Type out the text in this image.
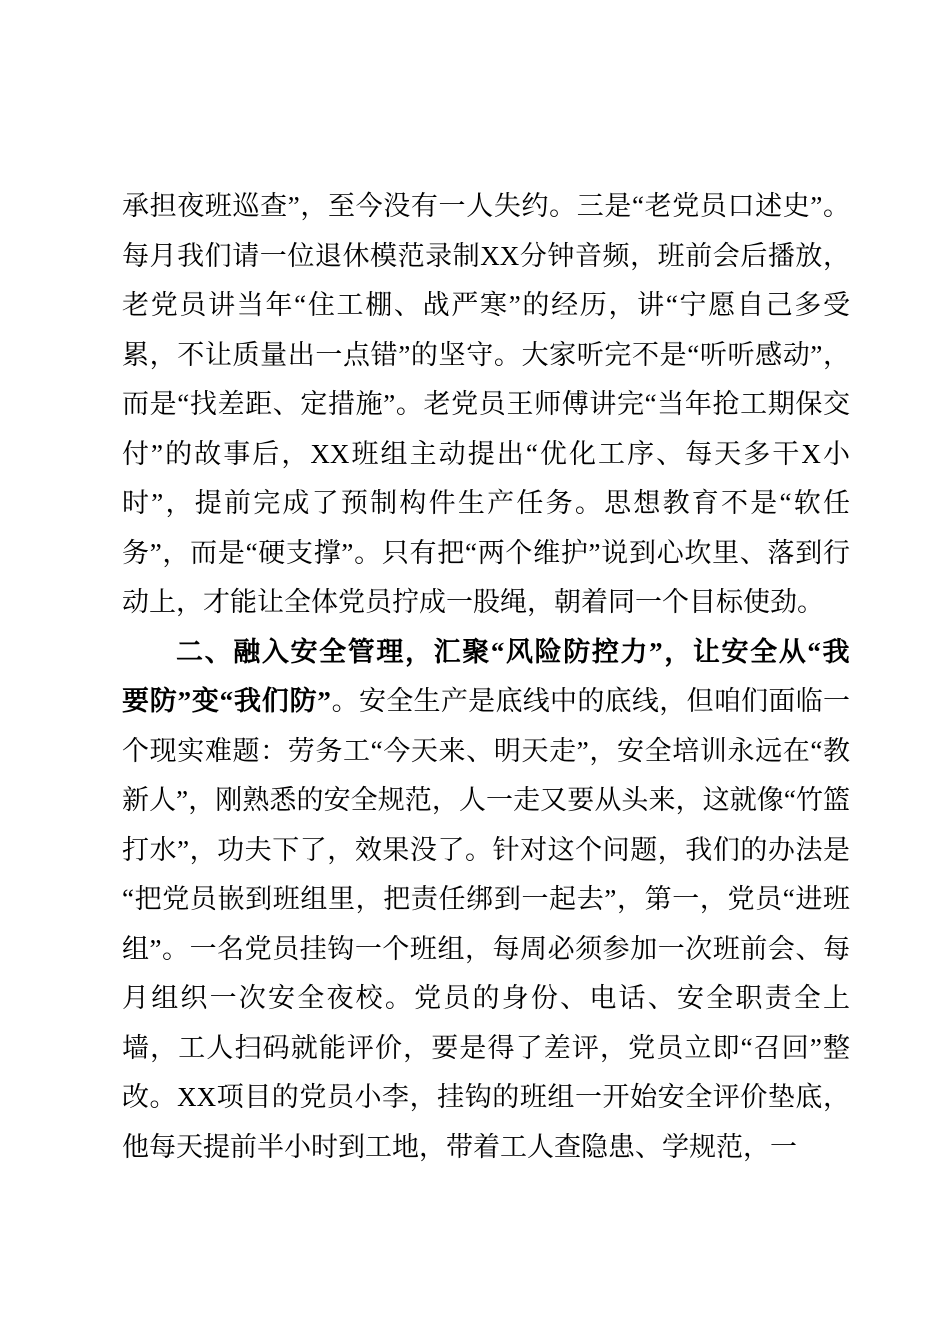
承担夜班巡查”，至今没有一人失约。三是“老党员口述史”。每月我们请一位退休模范录制XX分钟音频，班前会后播放，老党员讲当年“住工棚、战严寒”的经历，讲“宁愿自己多受累，不让质量出一点错”的坚守。大家听完不是“听听感动”，而是“找差距、定措施”。老党员王师傅讲完“当年抢工期保交付”的故事后，XX班组主动提出“优化工序、每天多干X小时”，提前完成了预制构件生产任务。思想教育不是“软任务”，而是“硬支撑”。只有把“两个维护”说到心坎里、落到行动上，才能让全体党员拧成一股绳，朝着同一个目标使劲。

二、融入安全管理，汇聚“风险防控力”，让安全从“我要防”变“我们防”。安全生产是底线中的底线，但咱们面临一个现实难题：劳务工“今天来、明天走”，安全培训永远在“教新人”，刚熟悉的安全规范，人一走又要从头来，这就像“竹篮打水”，功夫下了，效果没了。针对这个问题，我们的办法是“把党员嵌到班组里，把责任绑到一起去”，第一，党员“进班组”。一名党员挂钩一个班组，每周必须参加一次班前会、每月组织一次安全夜校。党员的身份、电话、安全职责全上墙，工人扫码就能评价，要是得了差评，党员立即“召回”整改。XX项目的党员小李，挂钩的班组一开始安全评价垫底，他每天提前半小时到工地，带着工人查隐患、学规范，一
